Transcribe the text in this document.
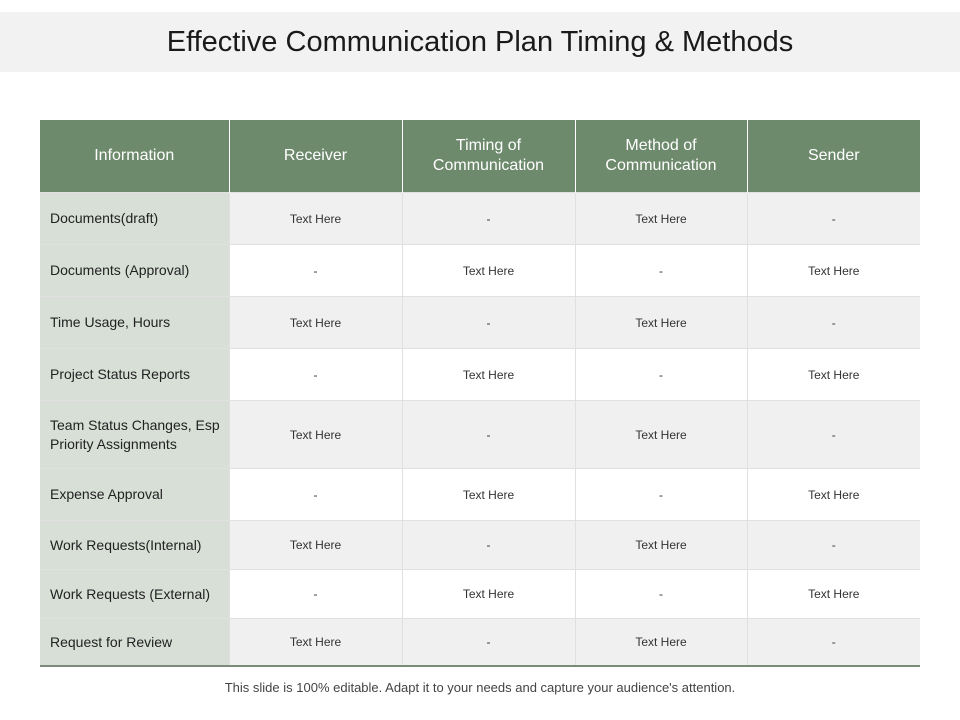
Effective Communication Plan Timing & Methods
Information	Receiver	Timing of Communication	Method of Communication	Sender
Documents(draft)	Text Here	-	Text Here	-
Documents (Approval)	-	Text Here	-	Text Here
Time Usage, Hours	Text Here	-	Text Here	-
Project Status Reports	-	Text Here	-	Text Here
Team Status Changes, Esp Priority Assignments	Text Here	-	Text Here	-
Expense Approval	-	Text Here	-	Text Here
Work Requests(Internal)	Text Here	-	Text Here	-
Work Requests (External)	-	Text Here	-	Text Here
Request for Review	Text Here	-	Text Here	-
This slide is 100% editable. Adapt it to your needs and capture your audience's attention.
